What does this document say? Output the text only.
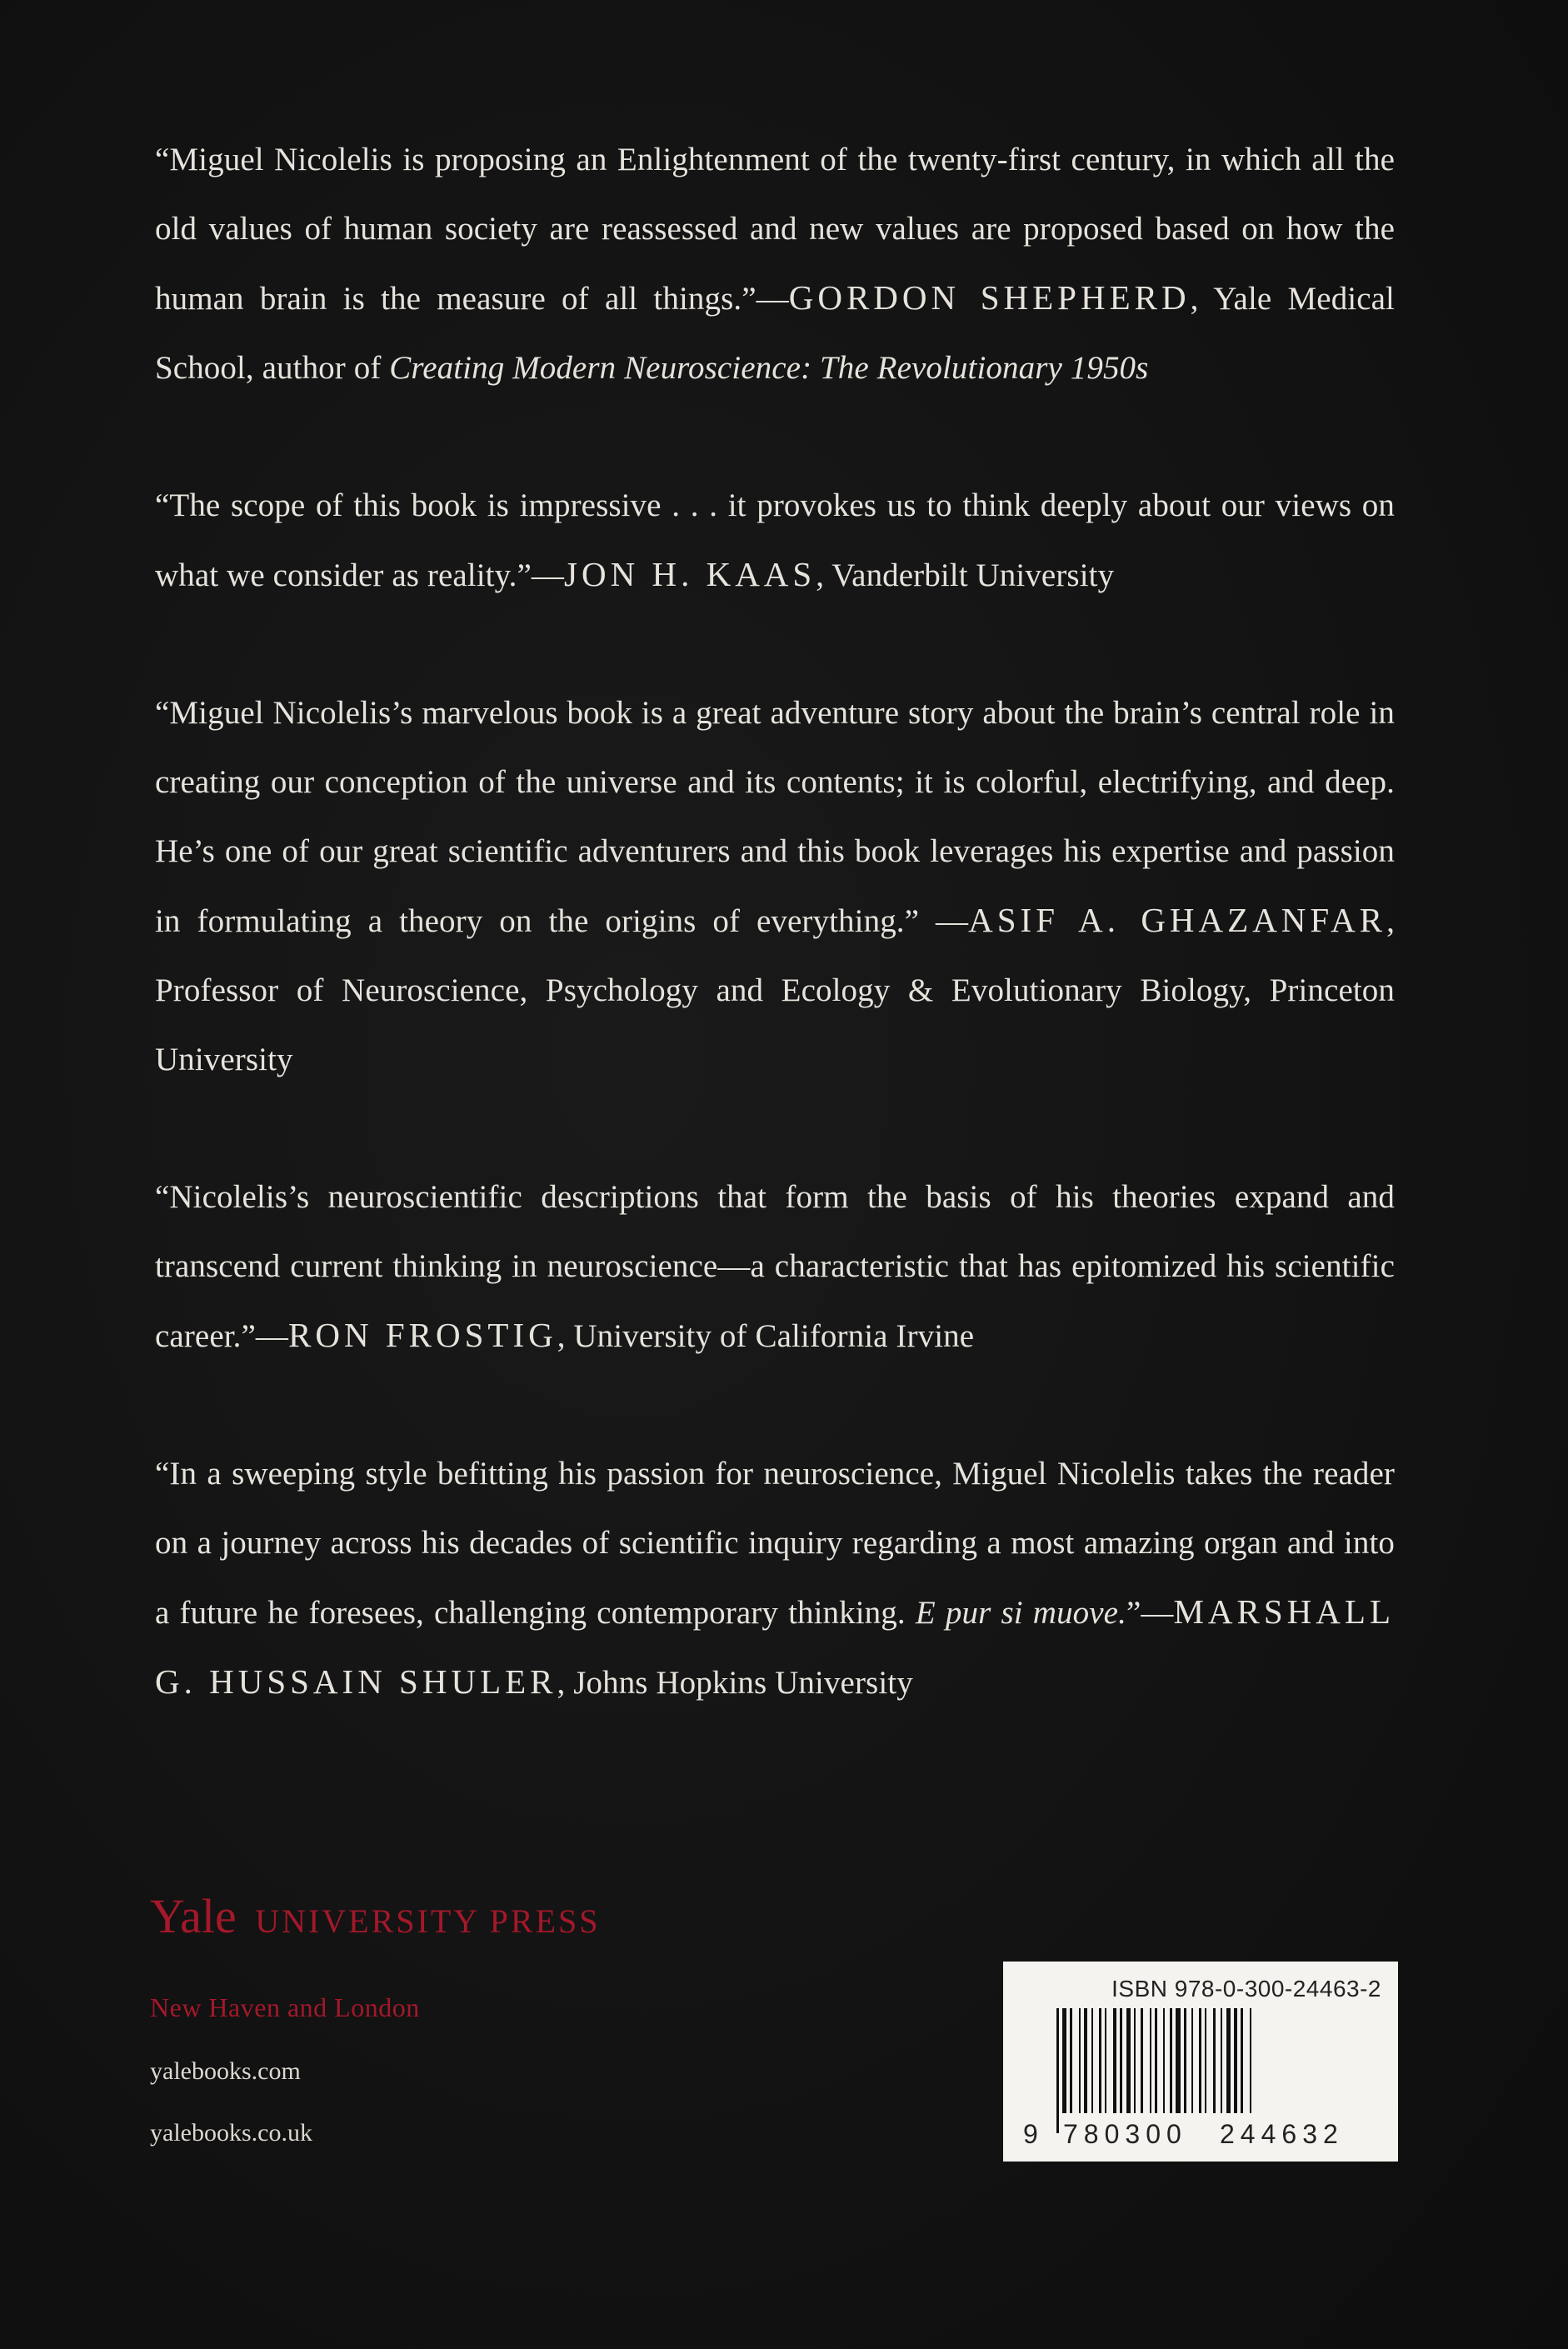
“Miguel Nicolelis is proposing an Enlightenment of the twenty-first century, in which all the old values of human society are reassessed and new values are proposed based on how the human brain is the measure of all things.”—GORDON SHEPHERD, Yale Medical School, author of Creating Modern Neuroscience: The Revolutionary 1950s

“The scope of this book is impressive . . . it provokes us to think deeply about our views on what we consider as reality.”—JON H. KAAS, Vanderbilt University

“Miguel Nicolelis’s marvelous book is a great adventure story about the brain’s central role in creating our conception of the universe and its contents; it is colorful, electrifying, and deep. He’s one of our great scientific adventurers and this book leverages his expertise and passion in formulating a theory on the origins of everything.” —ASIF A. GHAZANFAR, Professor of Neuroscience, Psychology and Ecology & Evolutionary Biology, Princeton University

“Nicolelis’s neuroscientific descriptions that form the basis of his theories expand and transcend current thinking in neuroscience—a characteristic that has epitomized his scientific career.”—RON FROSTIG, University of California Irvine

“In a sweeping style befitting his passion for neuroscience, Miguel Nicolelis takes the reader on a journey across his decades of scientific inquiry regarding a most amazing organ and into a future he foresees, challenging contemporary thinking. E pur si muove.”—MARSHALL G. HUSSAIN SHULER, Johns Hopkins University

Yale UNIVERSITY PRESS
New Haven and London
yalebooks.com
yalebooks.co.uk
ISBN 978-0-300-24463-2
9 780300 244632
